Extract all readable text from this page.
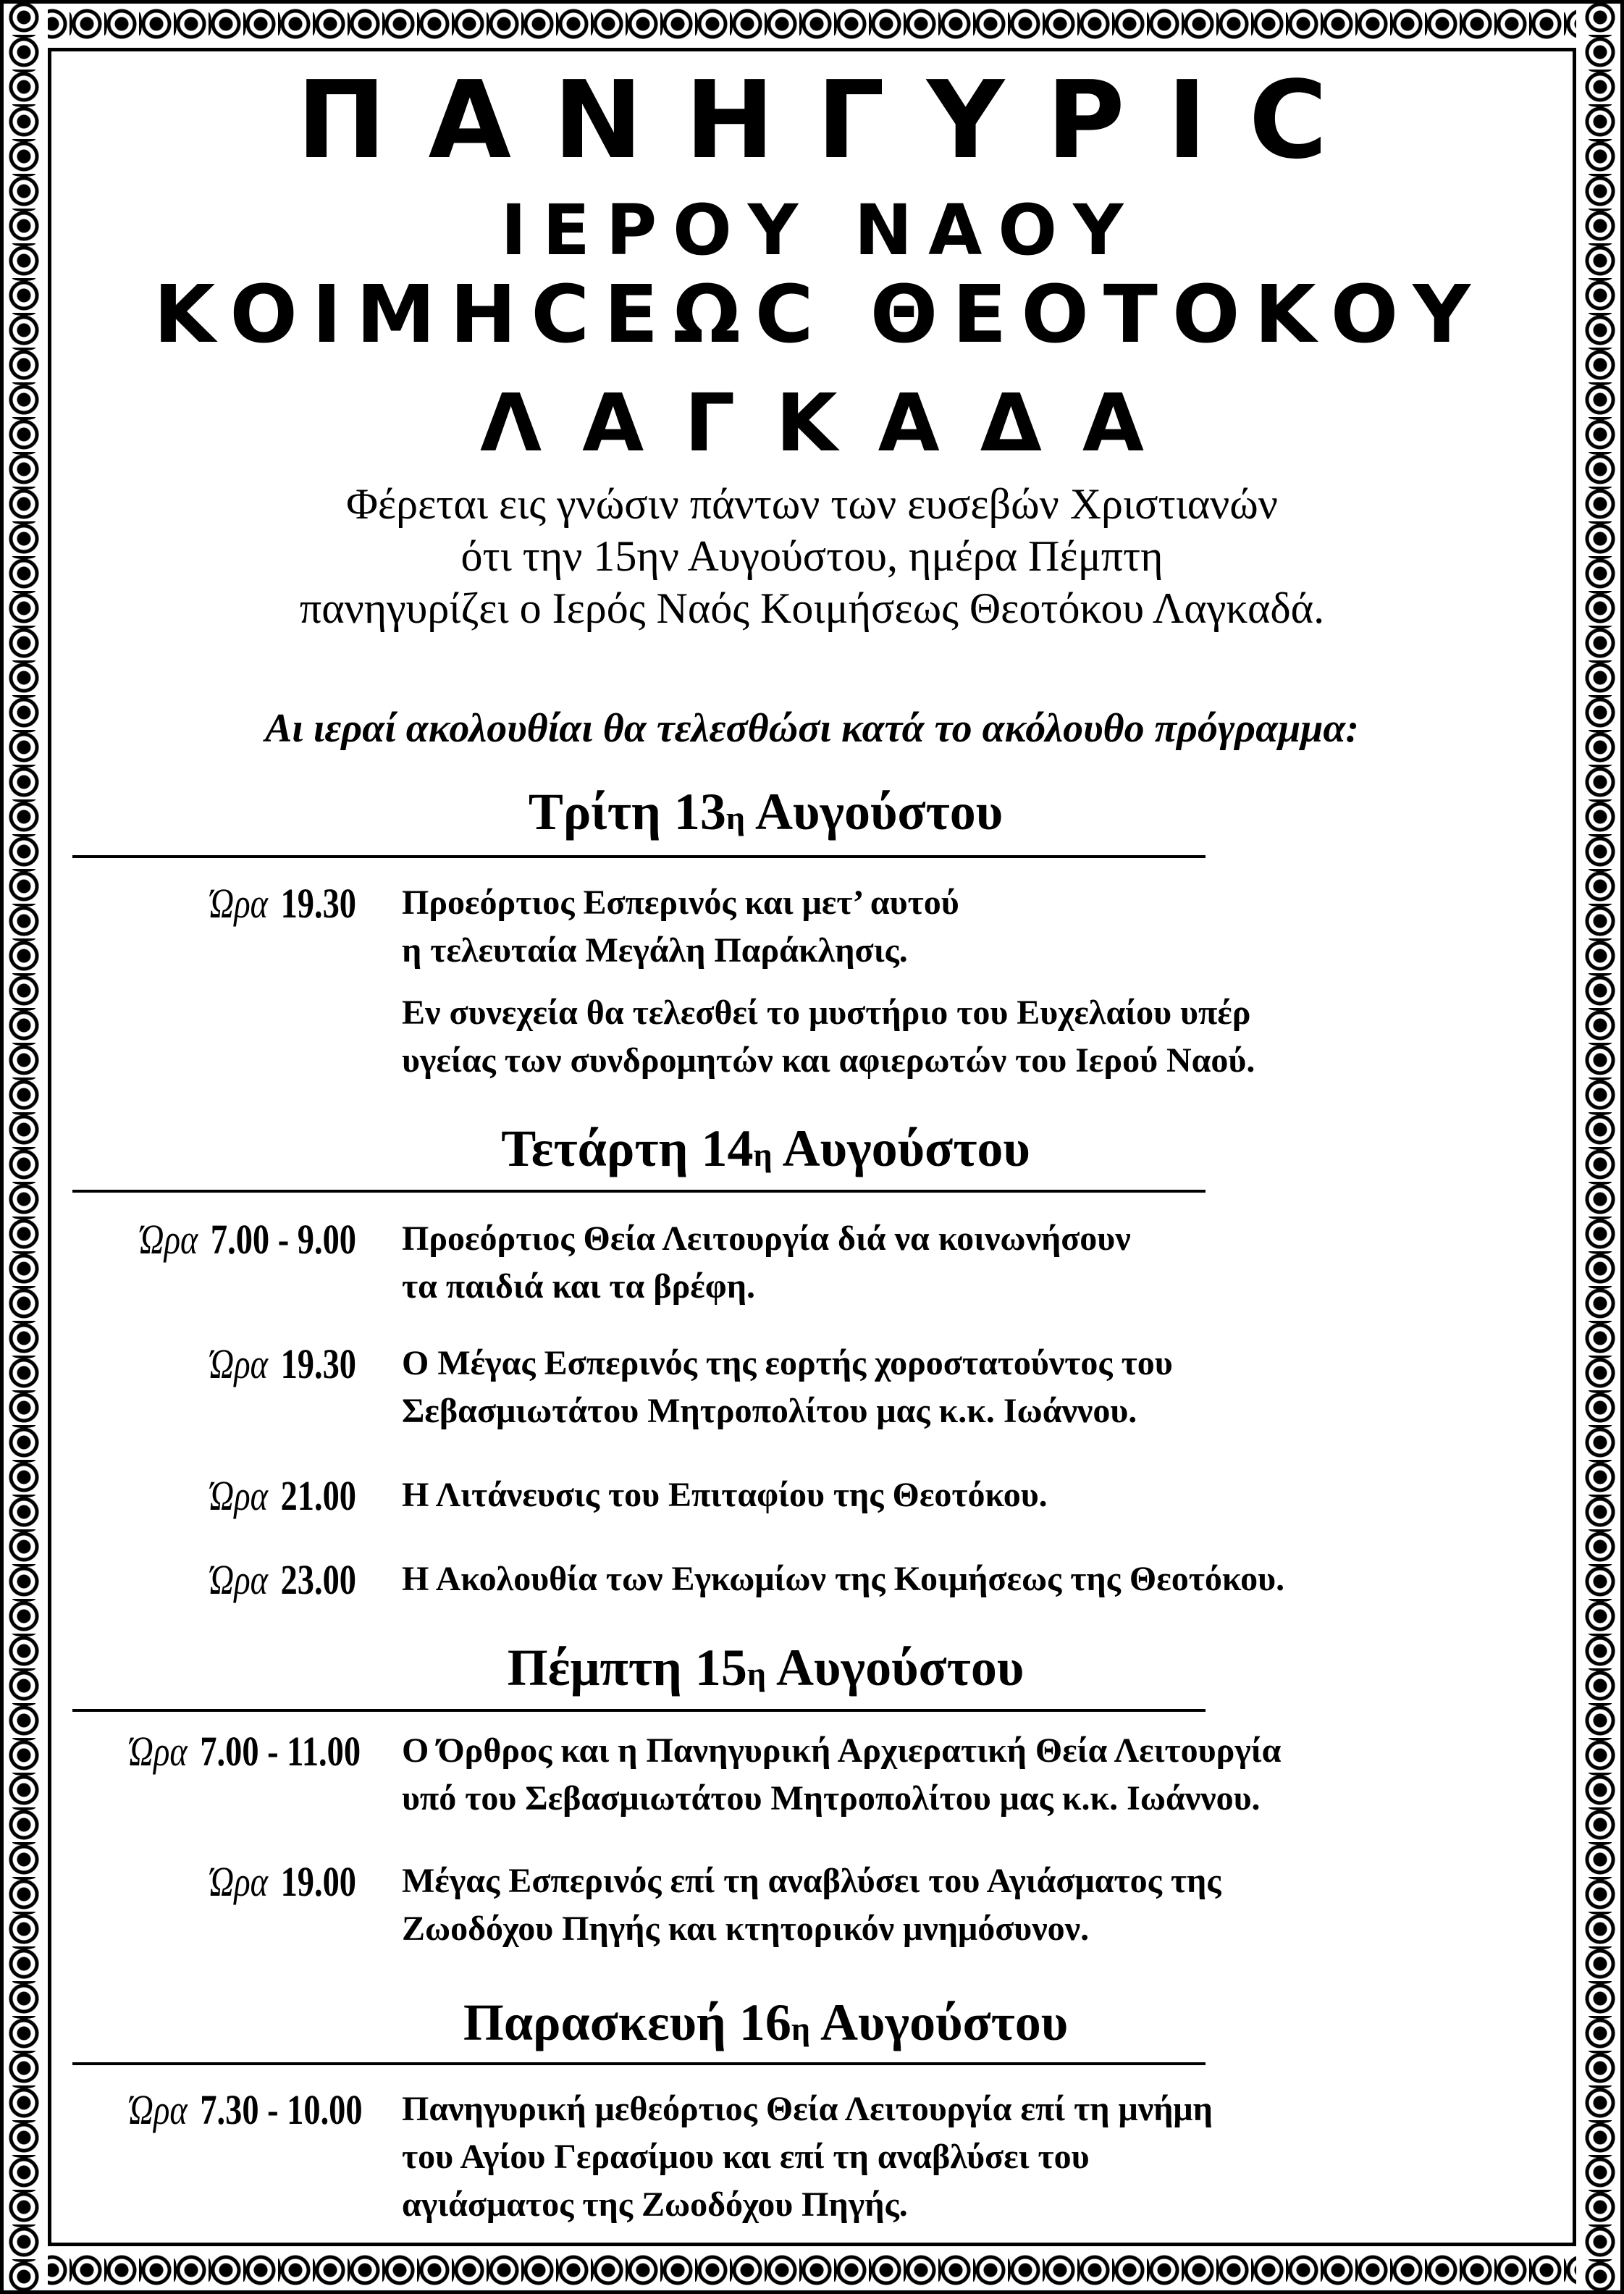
ΠΑΝΗΓΥΡΙC
ΙΕΡΟΥ ΝΑΟΥ
ΚΟΙΜΗCΕΩC ΘΕΟΤΟΚΟΥ
ΛΑΓΚΑΔΑ
Φέρεται εις γνώσιν πάντων των ευσεβών Χριστιανών
ότι την 15ην Αυγούστου, ημέρα Πέμπτη
πανηγυρίζει ο Ιερός Ναός Κοιμήσεως Θεοτόκου Λαγκαδά.
Αι ιεραί ακολουθίαι θα τελεσθώσι κατά το ακόλουθο πρόγραμμα:
Τρίτη 13η Αυγούστου
Ώρα 19.30 Προεόρτιος Εσπερινός και μετ’ αυτού
η τελευταία Μεγάλη Παράκλησις.
Εν συνεχεία θα τελεσθεί το μυστήριο του Ευχελαίου υπέρ
υγείας των συνδρομητών και αφιερωτών του Ιερού Ναού.
Τετάρτη 14η Αυγούστου
Ώρα 7.00 - 9.00 Προεόρτιος Θεία Λειτουργία διά να κοινωνήσουν
τα παιδιά και τα βρέφη.
Ώρα 19.30 Ο Μέγας Εσπερινός της εορτής χοροστατούντος του
Σεβασμιωτάτου Μητροπολίτου μας κ.κ. Ιωάννου.
Ώρα 21.00 Η Λιτάνευσις του Επιταφίου της Θεοτόκου.
Ώρα 23.00 Η Ακολουθία των Εγκωμίων της Κοιμήσεως της Θεοτόκου.
Πέμπτη 15η Αυγούστου
Ώρα 7.00 - 11.00 Ο Όρθρος και η Πανηγυρική Αρχιερατική Θεία Λειτουργία
υπό του Σεβασμιωτάτου Μητροπολίτου μας κ.κ. Ιωάννου.
Ώρα 19.00 Μέγας Εσπερινός επί τη αναβλύσει του Αγιάσματος της
Ζωοδόχου Πηγής και κτητορικόν μνημόσυνον.
Παρασκευή 16η Αυγούστου
Ώρα 7.30 - 10.00 Πανηγυρική μεθεόρτιος Θεία Λειτουργία επί τη μνήμη
του Αγίου Γερασίμου και επί τη αναβλύσει του
αγιάσματος της Ζωοδόχου Πηγής.
